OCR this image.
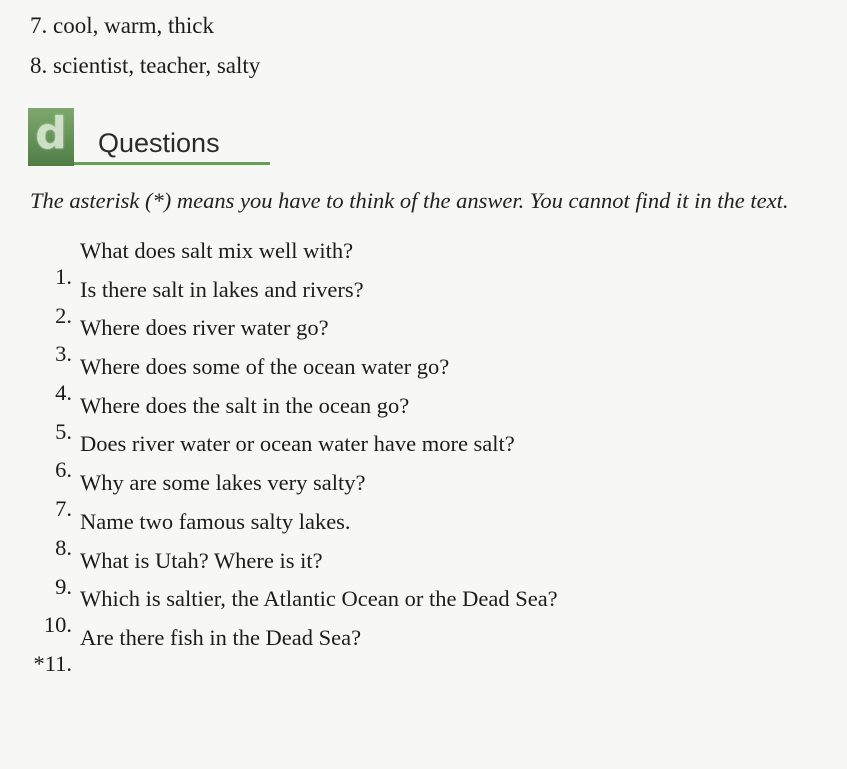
7. cool, warm, thick
8. scientist, teacher, salty
d Questions
The asterisk (*) means you have to think of the answer. You cannot find it in the text.
1.
What does salt mix well with?
2.
Is there salt in lakes and rivers?
3.
Where does river water go?
4.
Where does some of the ocean water go?
5.
Where does the salt in the ocean go?
6.
Does river water or ocean water have more salt?
7.
Why are some lakes very salty?
8.
Name two famous salty lakes.
9.
What is Utah? Where is it?
10.
Which is saltier, the Atlantic Ocean or the Dead Sea?
*11.
Are there fish in the Dead Sea?
